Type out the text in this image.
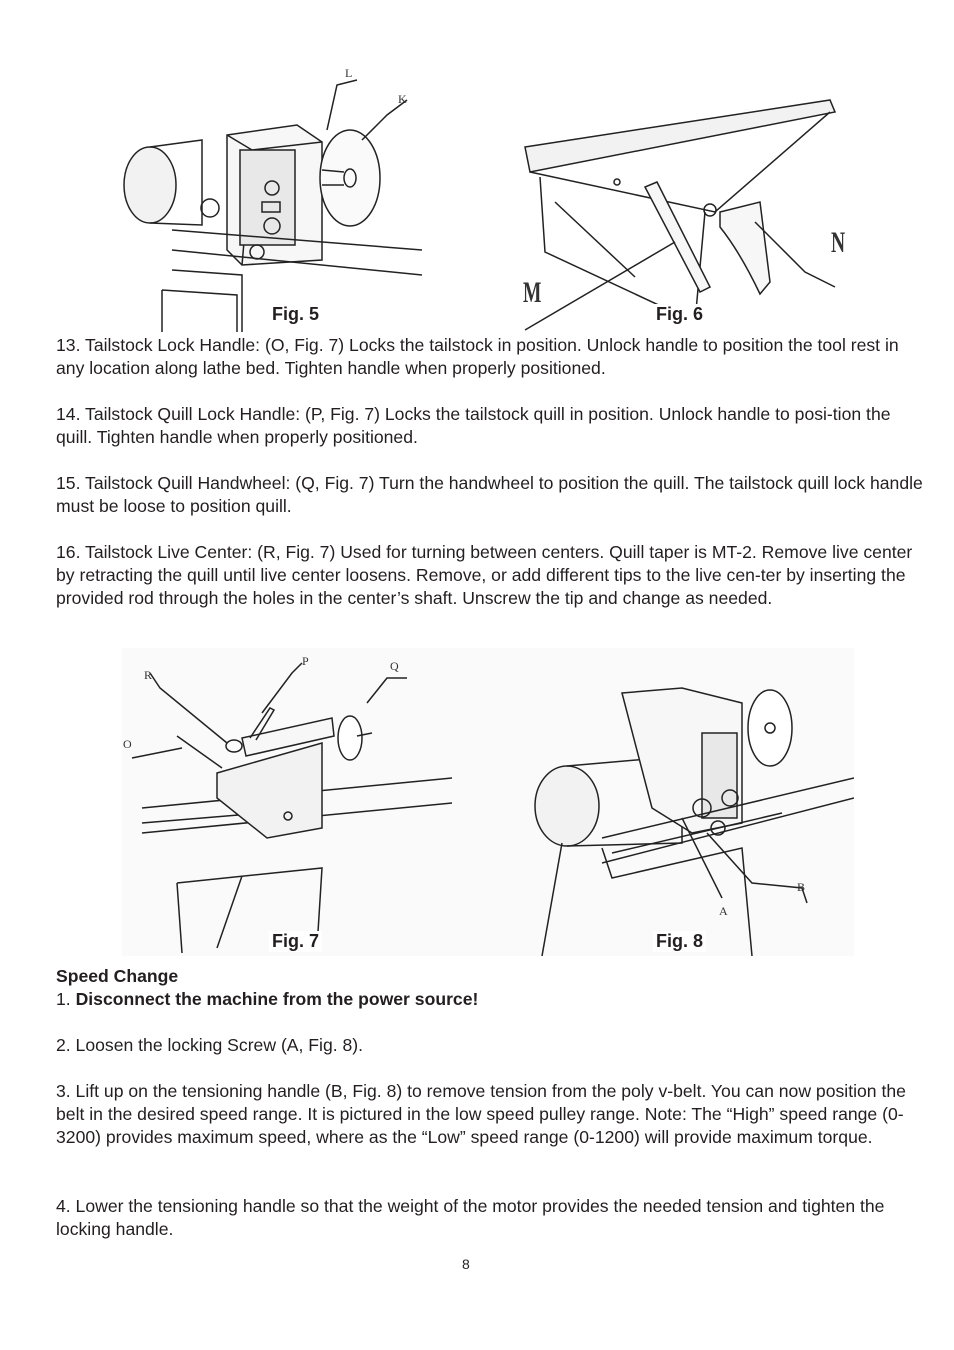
L
K
Fig. 5
M
N
Fig. 6

13. Tailstock Lock Handle: (O, Fig. 7) Locks the tailstock in position. Unlock handle to position the tool rest in any location along lathe bed. Tighten handle when properly positioned.

14. Tailstock Quill Lock Handle: (P, Fig. 7) Locks the tailstock quill in position. Unlock handle to posi-tion the quill. Tighten handle when properly positioned.

15. Tailstock Quill Handwheel: (Q, Fig. 7) Turn the handwheel to position the quill. The tailstock quill lock handle must be loose to position quill.

16. Tailstock Live Center: (R, Fig. 7) Used for turning between centers. Quill taper is MT-2. Remove live center by retracting the quill until live center loosens. Remove, or add different tips to the live cen-ter by inserting the provided rod through the holes in the center’s shaft. Unscrew the tip and change as needed.

R
P	Q
O
Fig. 7
A
B
Fig. 8

Speed Change

1. Disconnect the machine from the power source!

2. Loosen the locking Screw (A, Fig. 8).

3. Lift up on the tensioning handle (B, Fig. 8) to remove tension from the poly v-belt. You can now position the belt in the desired speed range. It is pictured in the low speed pulley range. Note: The “High” speed range (0-3200) provides maximum speed, where as the “Low” speed range (0-1200) will provide maximum torque.

4. Lower the tensioning handle so that the weight of the motor provides the needed tension and tighten the locking handle.

8
